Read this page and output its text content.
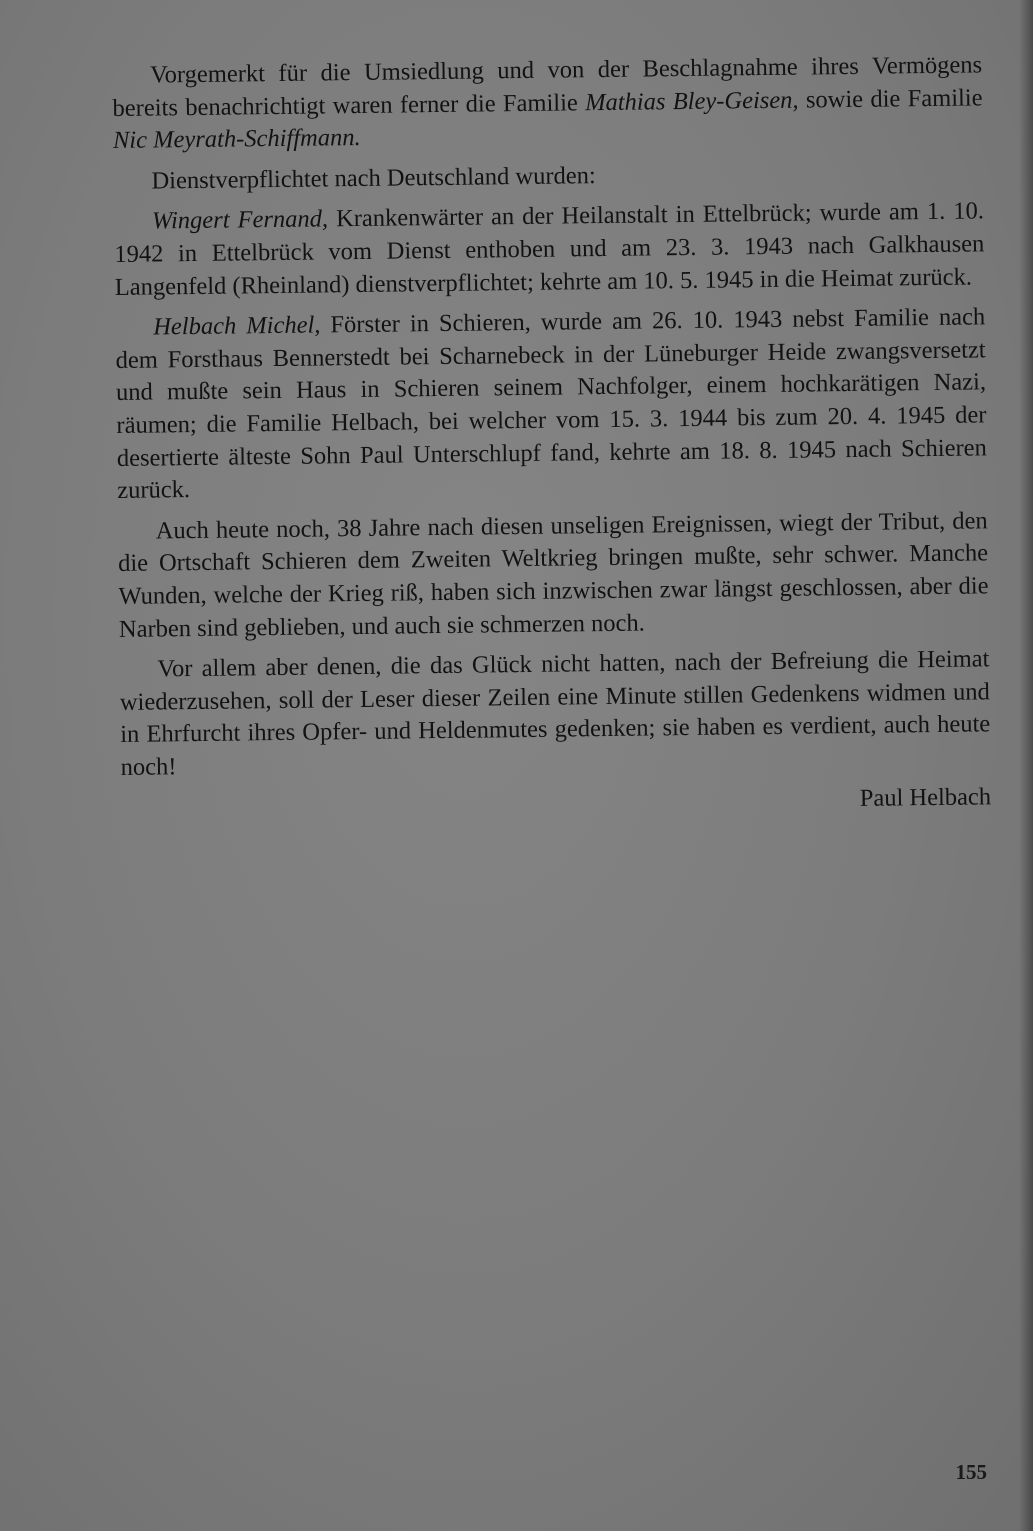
Vorgemerkt für die Umsiedlung und von der Beschlagnahme ihres Vermögens bereits benachrichtigt waren ferner die Familie Mathias Bley-Geisen, sowie die Familie Nic Meyrath-Schiffmann.

Dienstverpflichtet nach Deutschland wurden:

Wingert Fernand, Krankenwärter an der Heilanstalt in Ettelbrück; wurde am 1. 10. 1942 in Ettelbrück vom Dienst enthoben und am 23. 3. 1943 nach Galkhausen Langenfeld (Rheinland) dienstverpflichtet; kehrte am 10. 5. 1945 in die Heimat zurück.

Helbach Michel, Förster in Schieren, wurde am 26. 10. 1943 nebst Familie nach dem Forsthaus Bennerstedt bei Scharnebeck in der Lüneburger Heide zwangsversetzt und mußte sein Haus in Schieren seinem Nachfolger, einem hochkarätigen Nazi, räumen; die Familie Helbach, bei welcher vom 15. 3. 1944 bis zum 20. 4. 1945 der desertierte älteste Sohn Paul Unterschlupf fand, kehrte am 18. 8. 1945 nach Schieren zurück.

Auch heute noch, 38 Jahre nach diesen unseligen Ereignissen, wiegt der Tribut, den die Ortschaft Schieren dem Zweiten Weltkrieg bringen mußte, sehr schwer. Manche Wunden, welche der Krieg riß, haben sich inzwischen zwar längst geschlossen, aber die Narben sind geblieben, und auch sie schmerzen noch.

Vor allem aber denen, die das Glück nicht hatten, nach der Befreiung die Heimat wiederzusehen, soll der Leser dieser Zeilen eine Minute stillen Gedenkens widmen und in Ehrfurcht ihres Opfer- und Heldenmutes gedenken; sie haben es verdient, auch heute noch!

Paul Helbach

155
